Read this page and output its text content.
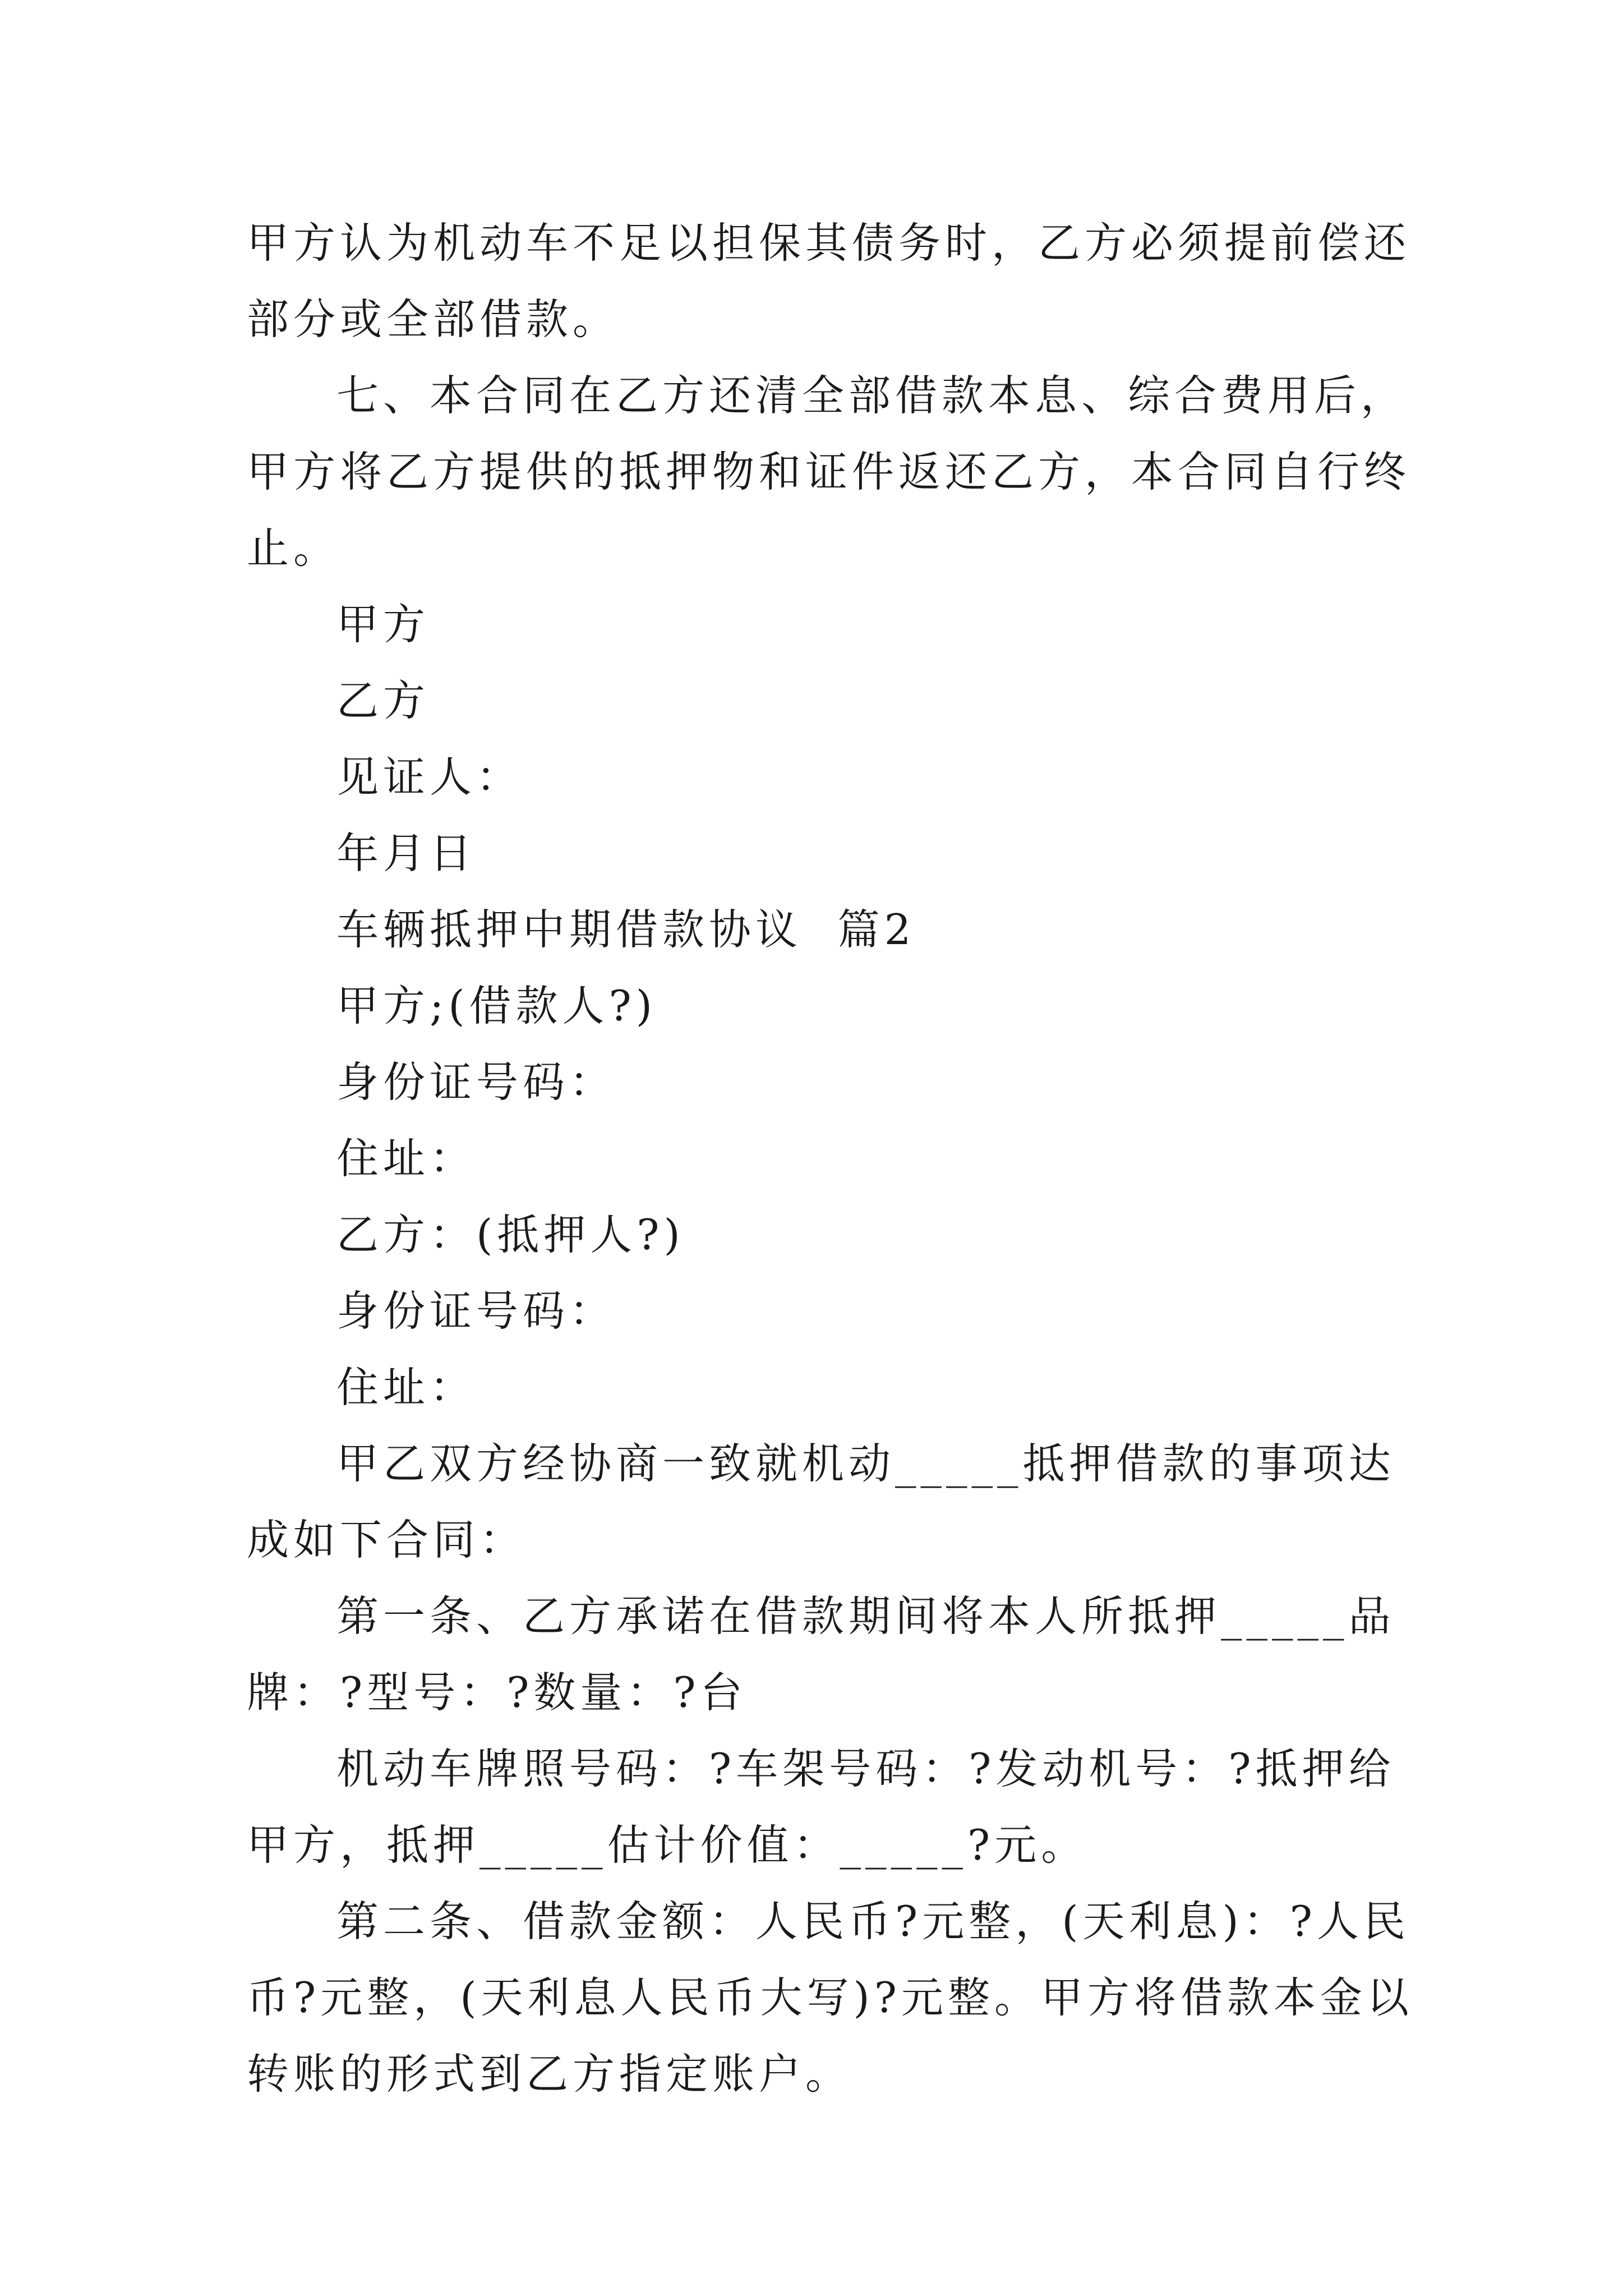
甲方认为机动车不足以担保其债务时，乙方必须提前偿还部分或全部借款。

七、本合同在乙方还清全部借款本息、综合费用后，甲方将乙方提供的抵押物和证件返还乙方，本合同自行终止。

甲方

乙方

见证人：

年月日

车辆抵押中期借款协议  篇2

甲方;(借款人?)

身份证号码：

住址：

乙方：(抵押人?)

身份证号码：

住址：

甲乙双方经协商一致就机动_____抵押借款的事项达成如下合同：

第一条、乙方承诺在借款期间将本人所抵押_____品牌：?型号：?数量：?台

机动车牌照号码：?车架号码：?发动机号：?抵押给甲方，抵押_____估计价值：_____?元。

第二条、借款金额：人民币?元整，(天利息)：?人民币?元整，(天利息人民币大写)?元整。甲方将借款本金以转账的形式到乙方指定账户。
